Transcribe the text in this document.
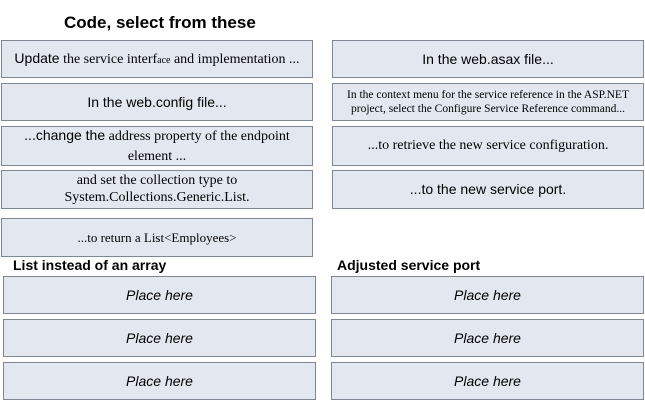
Code, select from these
Update the service interface and implementation ...
In the web.config file...
...change the address property of the endpoint element ...
and set the collection type to System.Collections.Generic.List.
...to return a List<Employees>
In the web.asax file...
In the context menu for the service reference in the ASP.NET project, select the Configure Service Reference command...
...to retrieve the new service configuration.
...to the new service port.
List instead of an array	Adjusted service port
Place here
Place here
Place here
Place here
Place here
Place here
